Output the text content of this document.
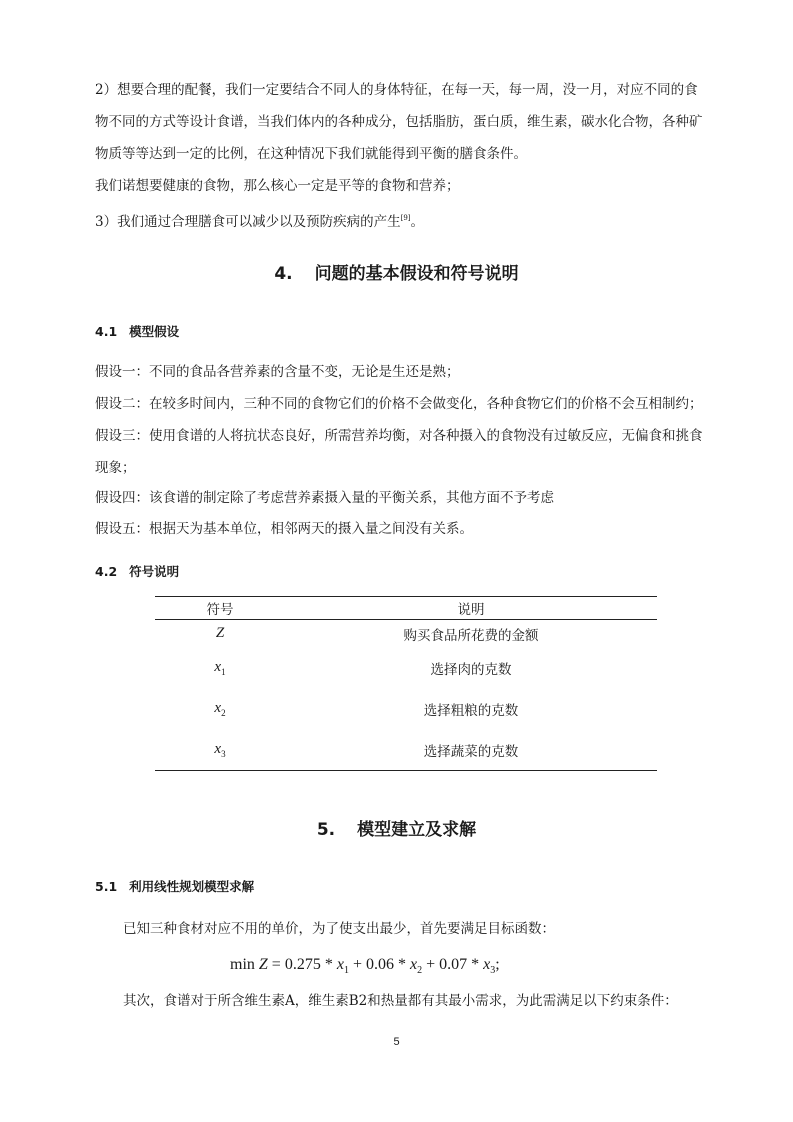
2）想要合理的配餐，我们一定要结合不同人的身体特征，在每一天，每一周，没一月，对应不同的食

物不同的方式等设计食谱，当我们体内的各种成分，包括脂肪，蛋白质，维生素，碳水化合物，各种矿

物质等等达到一定的比例，在这种情况下我们就能得到平衡的膳食条件。

我们诺想要健康的食物，那么核心一定是平等的食物和营养；

3）我们通过合理膳食可以减少以及预防疾病的产生[9]。

4. 问题的基本假设和符号说明
4.1 模型假设

假设一：不同的食品各营养素的含量不变，无论是生还是熟；

假设二：在较多时间内，三种不同的食物它们的价格不会做变化，各种食物它们的价格不会互相制约；

假设三：使用食谱的人将抗状态良好，所需营养均衡，对各种摄入的食物没有过敏反应，无偏食和挑食

现象；

假设四：该食谱的制定除了考虑营养素摄入量的平衡关系，其他方面不予考虑

假设五：根据天为基本单位，相邻两天的摄入量之间没有关系。

4.2 符号说明
符号	说明
Z	购买食品所花费的金额
$x_1$	选择肉的克数
$x_2$	选择粗粮的克数
$x_3$	选择蔬菜的克数
5. 模型建立及求解
5.1 利用线性规划模型求解

已知三种食材对应不用的单价，为了使支出最少，首先要满足目标函数：

$\min Z = 0.275 * x_1 + 0.06 * x_2 + 0.07 * x_3$;

其次，食谱对于所含维生素A，维生素B2和热量都有其最小需求，为此需满足以下约束条件：

5
